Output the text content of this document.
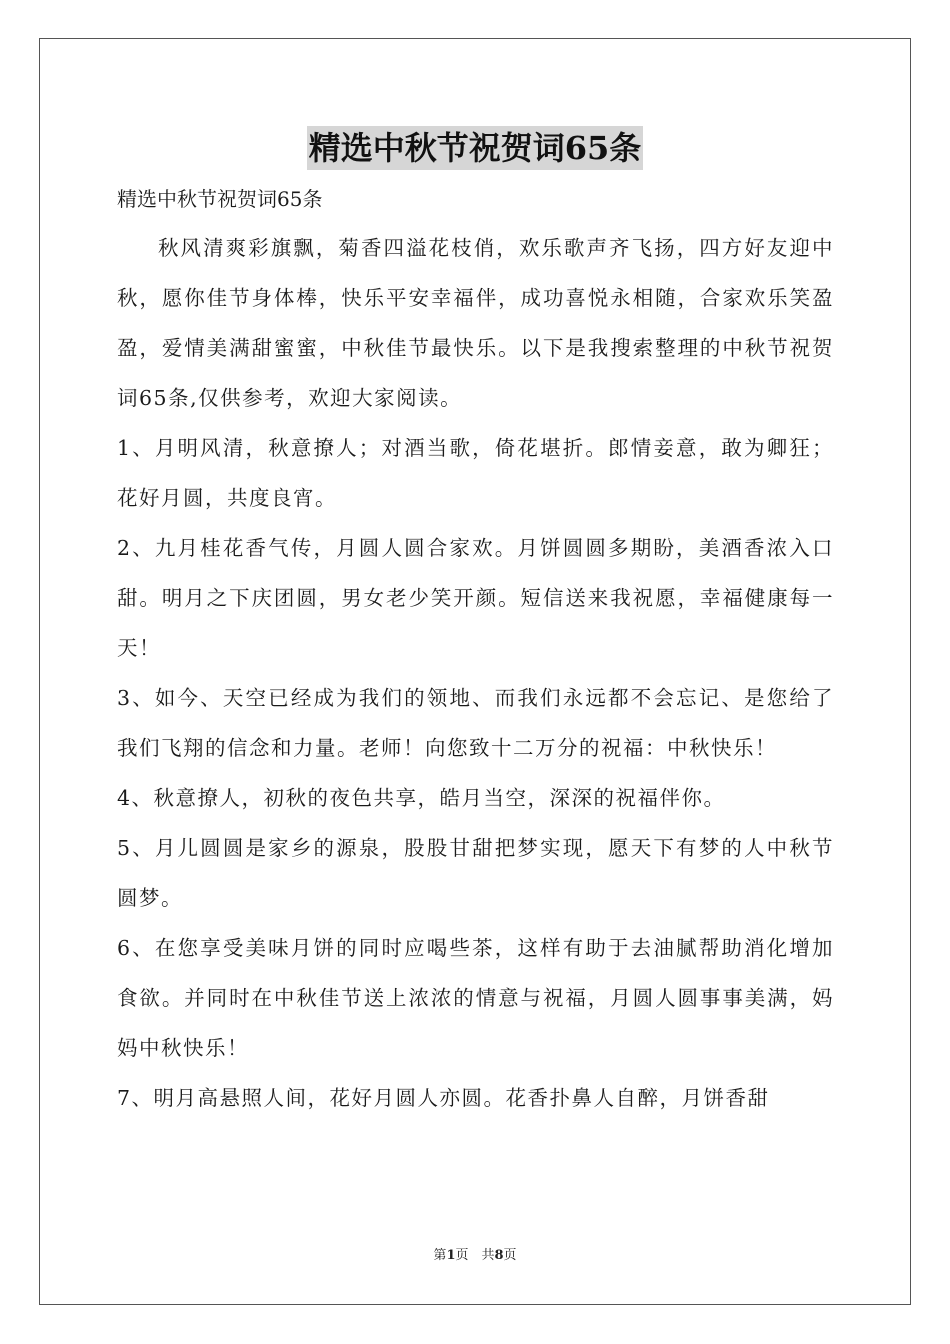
精选中秋节祝贺词65条
精选中秋节祝贺词65条

秋风清爽彩旗飘，菊香四溢花枝俏，欢乐歌声齐飞扬，四方好友迎中秋，愿你佳节身体棒，快乐平安幸福伴，成功喜悦永相随，合家欢乐笑盈盈，爱情美满甜蜜蜜，中秋佳节最快乐。以下是我搜索整理的中秋节祝贺词65条,仅供参考，欢迎大家阅读。

1、月明风清，秋意撩人；对酒当歌，倚花堪折。郎情妾意，敢为卿狂；花好月圆，共度良宵。

2、九月桂花香气传，月圆人圆合家欢。月饼圆圆多期盼，美酒香浓入口甜。明月之下庆团圆，男女老少笑开颜。短信送来我祝愿，幸福健康每一天！

3、如今、天空已经成为我们的领地、而我们永远都不会忘记、是您给了我们飞翔的信念和力量。老师！向您致十二万分的祝福：中秋快乐！

4、秋意撩人，初秋的夜色共享，皓月当空，深深的祝福伴你。

5、月儿圆圆是家乡的源泉，股股甘甜把梦实现，愿天下有梦的人中秋节圆梦。

6、在您享受美味月饼的同时应喝些茶，这样有助于去油腻帮助消化增加食欲。并同时在中秋佳节送上浓浓的情意与祝福，月圆人圆事事美满，妈妈中秋快乐！

7、明月高悬照人间，花好月圆人亦圆。花香扑鼻人自醉，月饼香甜

第1页　共8页
